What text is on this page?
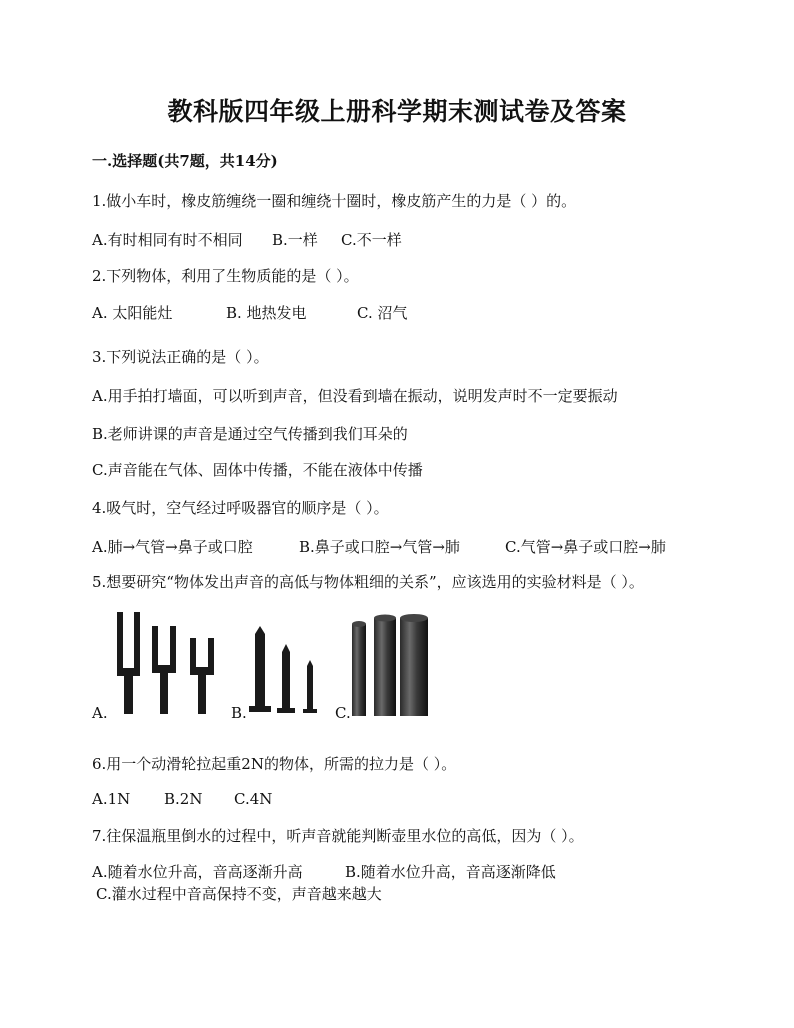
教科版四年级上册科学期末测试卷及答案
一.选择题(共7题，共14分)
1.做小车时，橡皮筋缠绕一圈和缠绕十圈时，橡皮筋产生的力是（ ）的。
A.有时相同有时不相同 B.一样 C.不一样
2.下列物体，利用了生物质能的是（ ）。
A. 太阳能灶	B. 地热发电	C. 沼气
3.下列说法正确的是（ ）。
A.用手拍打墙面，可以听到声音，但没看到墙在振动，说明发声时不一定要振动
B.老师讲课的声音是通过空气传播到我们耳朵的
C.声音能在气体、固体中传播，不能在液体中传播
4.吸气时，空气经过呼吸器官的顺序是（ ）。
A.肺→气管→鼻子或口腔	B.鼻子或口腔→气管→肺	C.气管→鼻子或口腔→肺
5.想要研究“物体发出声音的高低与物体粗细的关系”，应该选用的实验材料是（ ）。
A.	B.	C.
6.用一个动滑轮拉起重2N的物体，所需的拉力是（ ）。
A.1N B.2N C.4N
7.往保温瓶里倒水的过程中，听声音就能判断壶里水位的高低，因为（ ）。
A.随着水位升高，音高逐渐升高	B.随着水位升高，音高逐渐降低
C.灌水过程中音高保持不变，声音越来越大
